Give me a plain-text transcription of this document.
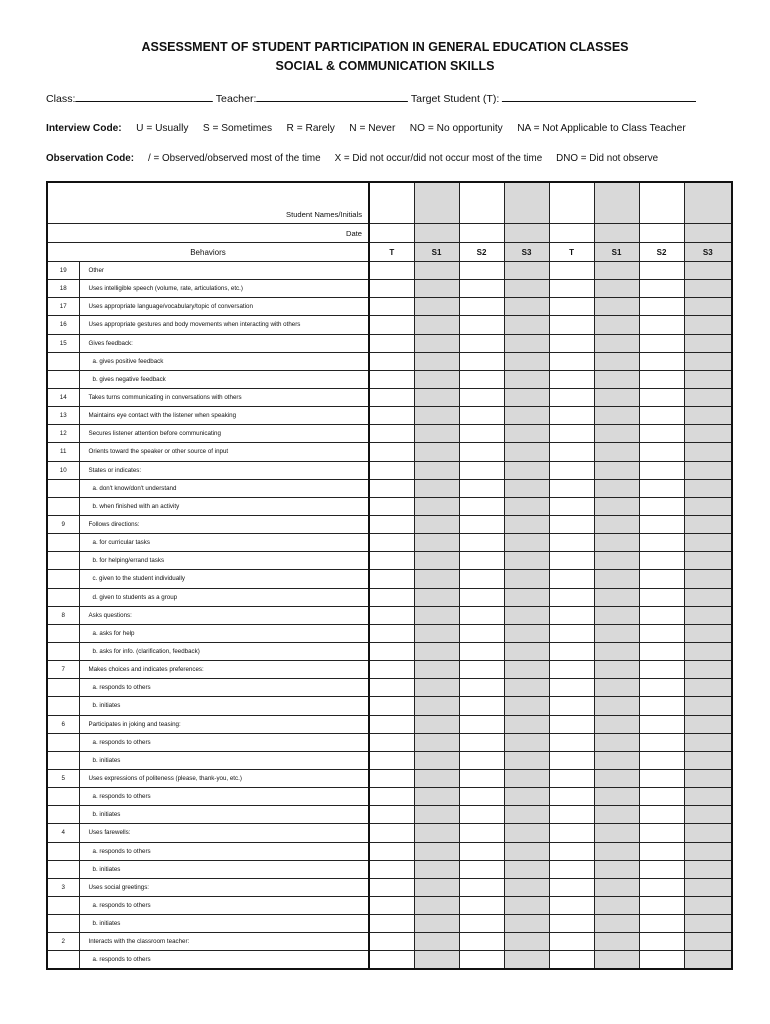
ASSESSMENT OF STUDENT PARTICIPATION IN GENERAL EDUCATION CLASSES
SOCIAL & COMMUNICATION SKILLS
Class:	Teacher:	Target Student (T):
Interview Code: U = Usually S = Sometimes R = Rarely N = Never NO = No opportunity NA = Not Applicable to Class Teacher
Observation Code: / = Observed/observed most of the time X = Did not occur/did not occur most of the time DNO = Did not observe
Student Names/Initials									
Date									
Behaviors		T	S1	S2	S3	T	S1	S2	S3
19	Other								
18	Uses intelligible speech (volume, rate, articulations, etc.)								
17	Uses appropriate language/vocabulary/topic of conversation								
16	Uses appropriate gestures and body movements when interacting with others								
15	Gives feedback:								
	a. gives positive feedback								
	b. gives negative feedback								
14	Takes turns communicating in conversations with others								
13	Maintains eye contact with the listener when speaking								
12	Secures listener attention before communicating								
11	Orients toward the speaker or other source of input								
10	States or indicates:								
	a. don't know/don't understand								
	b. when finished with an activity								
9	Follows directions:								
	a. for curricular tasks								
	b. for helping/errand tasks								
	c. given to the student individually								
	d. given to students as a group								
8	Asks questions:								
	a. asks for help								
	b. asks for info. (clarification, feedback)								
7	Makes choices and indicates preferences:								
	a. responds to others								
	b. initiates								
6	Participates in joking and teasing:								
	a. responds to others								
	b. initiates								
5	Uses expressions of politeness (please, thank-you, etc.)								
	a. responds to others								
	b. initiates								
4	Uses farewells:								
	a. responds to others								
	b. initiates								
3	Uses social greetings:								
	a. responds to others								
	b. initiates								
2	Interacts with the classroom teacher:								
	a. responds to others								
